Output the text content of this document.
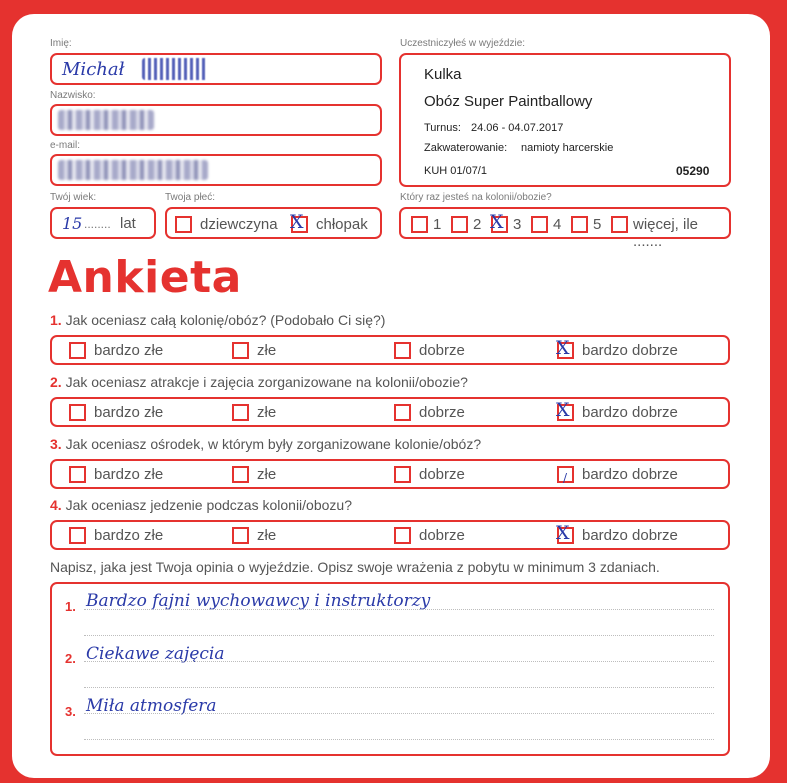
Imię:
Michał
Nazwisko:
e-mail:
Twój wiek:
15 ........ lat
Twoja płeć:
dziewczyna X chłopak
Uczestniczyłeś w wyjeździe:
Kulka
Obóz Super Paintballowy
Turnus: 24.06 - 04.07.2017
Zakwaterowanie: namioty harcerskie
KUH 01/07/1	05290
Który raz jesteś na kolonii/obozie?
1 2 X 3 4 5 więcej, ile .......
Ankieta
1. Jak oceniasz całą kolonię/obóz? (Podobało Ci się?)
bardzo złe	złe	dobrze	X bardzo dobrze
2. Jak oceniasz atrakcje i zajęcia zorganizowane na kolonii/obozie?
bardzo złe	złe	dobrze	X bardzo dobrze
3. Jak oceniasz ośrodek, w którym były zorganizowane kolonie/obóz?
bardzo złe	złe	dobrze	/ bardzo dobrze
4. Jak oceniasz jedzenie podczas kolonii/obozu?
bardzo złe	złe	dobrze	X bardzo dobrze
Napisz, jaka jest Twoja opinia o wyjeździe. Opisz swoje wrażenia z pobytu w minimum 3 zdaniach.
1. Bardzo fajni wychowawcy i instruktorzy
2. Ciekawe zajęcia
3. Miła atmosfera
